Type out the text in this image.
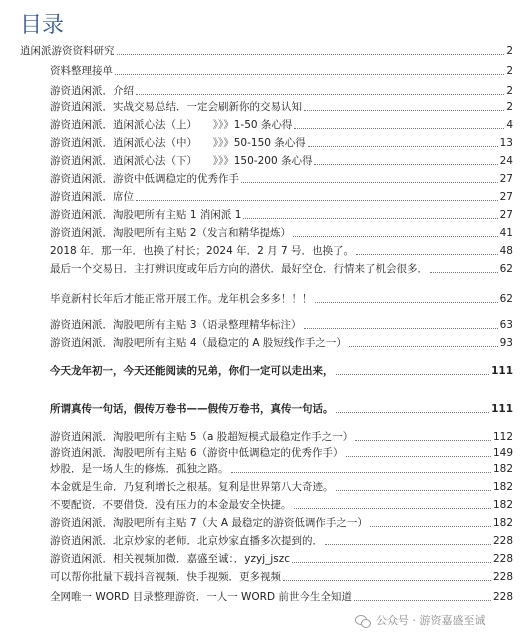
目录
逍闲派游资资料研究	2
资料整理接单	2
游资逍闲派．介绍	2
游资逍闲派．实战交易总结．一定会刷新你的交易认知	2
游资逍闲派．逍闲派心法（上）　　》》》1-50 条心得	4
游资逍闲派．逍闲派心法（中）　　》》》50-150 条心得	13
游资逍闲派．逍闲派心法（下）　　》》》150-200 条心得	24
游资逍闲派．游资中低调稳定的优秀作手	27
游资逍闲派．席位	27
游资逍闲派．淘股吧所有主贴 1 消闲派 1	27
游资逍闲派．淘股吧所有主贴 2（发言和精华提炼）	41
2018 年．那一年．也换了村长；2024 年．2 月 7 号．也换了。	48
最后一个交易日．主打辨识度或年后方向的潜伏．最好空仓．行情来了机会很多．	62
毕竟新村长年后才能正常开展工作。龙年机会多多！！！	62
游资逍闲派．淘股吧所有主贴 3（语录整理精华标注）	63
游资逍闲派．淘股吧所有主贴 4（最稳定的 A 股短线作手之一）	93
今天龙年初一，今天还能阅读的兄弟，你们一定可以走出来，	111
所谓真传一句话，假传万卷书——假传万卷书，真传一句话。	111
游资逍闲派．淘股吧所有主贴 5（a 股超短模式最稳定作手之一）	112
游资逍闲派．淘股吧所有主贴 6（游资中低调稳定的优秀作手）	149
炒股．是一场人生的修炼．孤独之路。	182
本金就是生命．乃复利增长之根基。复利是世界第八大奇迹。	182
不要配资．不要借贷．没有压力的本金最安全快捷。	182
游资逍闲派．淘股吧所有主贴 7（大 A 最稳定的游资低调作手之一）	182
游资逍闲派．北京炒家的老师．北京炒家直播多次提到的．	228
游资逍闲派．相关视频加微．嘉盛至诚：．yzyj_jszc	228
可以帮你批量下载抖音视频．快手视频．更多视频	228
全网唯一 WORD 目录整理游资．一人一 WORD 前世今生全知道	228
公众号 · 游资嘉盛至诚
